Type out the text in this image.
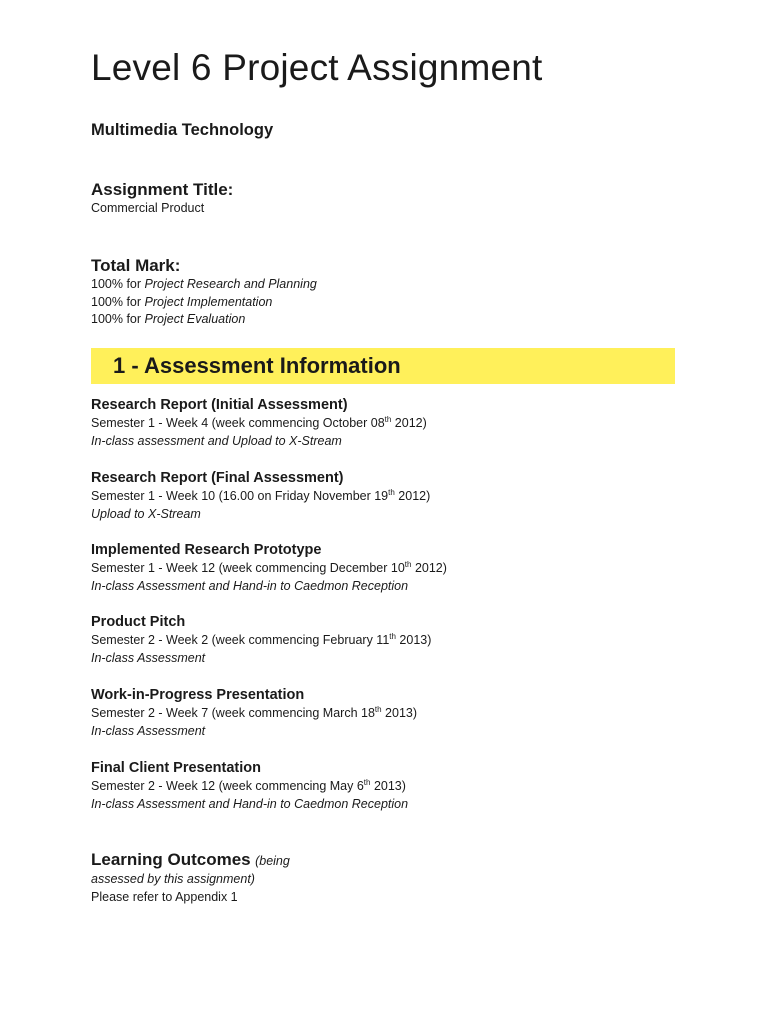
Level 6 Project Assignment
Multimedia Technology
Assignment Title:
Commercial Product
Total Mark:
100% for Project Research and Planning
100% for Project Implementation
100% for Project Evaluation
1 - Assessment Information
Research Report (Initial Assessment)
Semester 1 - Week 4 (week commencing October 08th 2012)
In-class assessment and Upload to X-Stream
Research Report (Final Assessment)
Semester 1 - Week 10 (16.00 on Friday November 19th 2012)
Upload to X-Stream
Implemented Research Prototype
Semester 1 - Week 12 (week commencing December 10th 2012)
In-class Assessment and Hand-in to Caedmon Reception
Product Pitch
Semester 2 - Week 2 (week commencing February 11th 2013)
In-class Assessment
Work-in-Progress Presentation
Semester 2 - Week 7 (week commencing March 18th 2013)
In-class Assessment
Final Client Presentation
Semester 2 - Week 12 (week commencing May 6th 2013)
In-class Assessment and Hand-in to Caedmon Reception
Learning Outcomes (being
assessed by this assignment)
Please refer to Appendix 1
